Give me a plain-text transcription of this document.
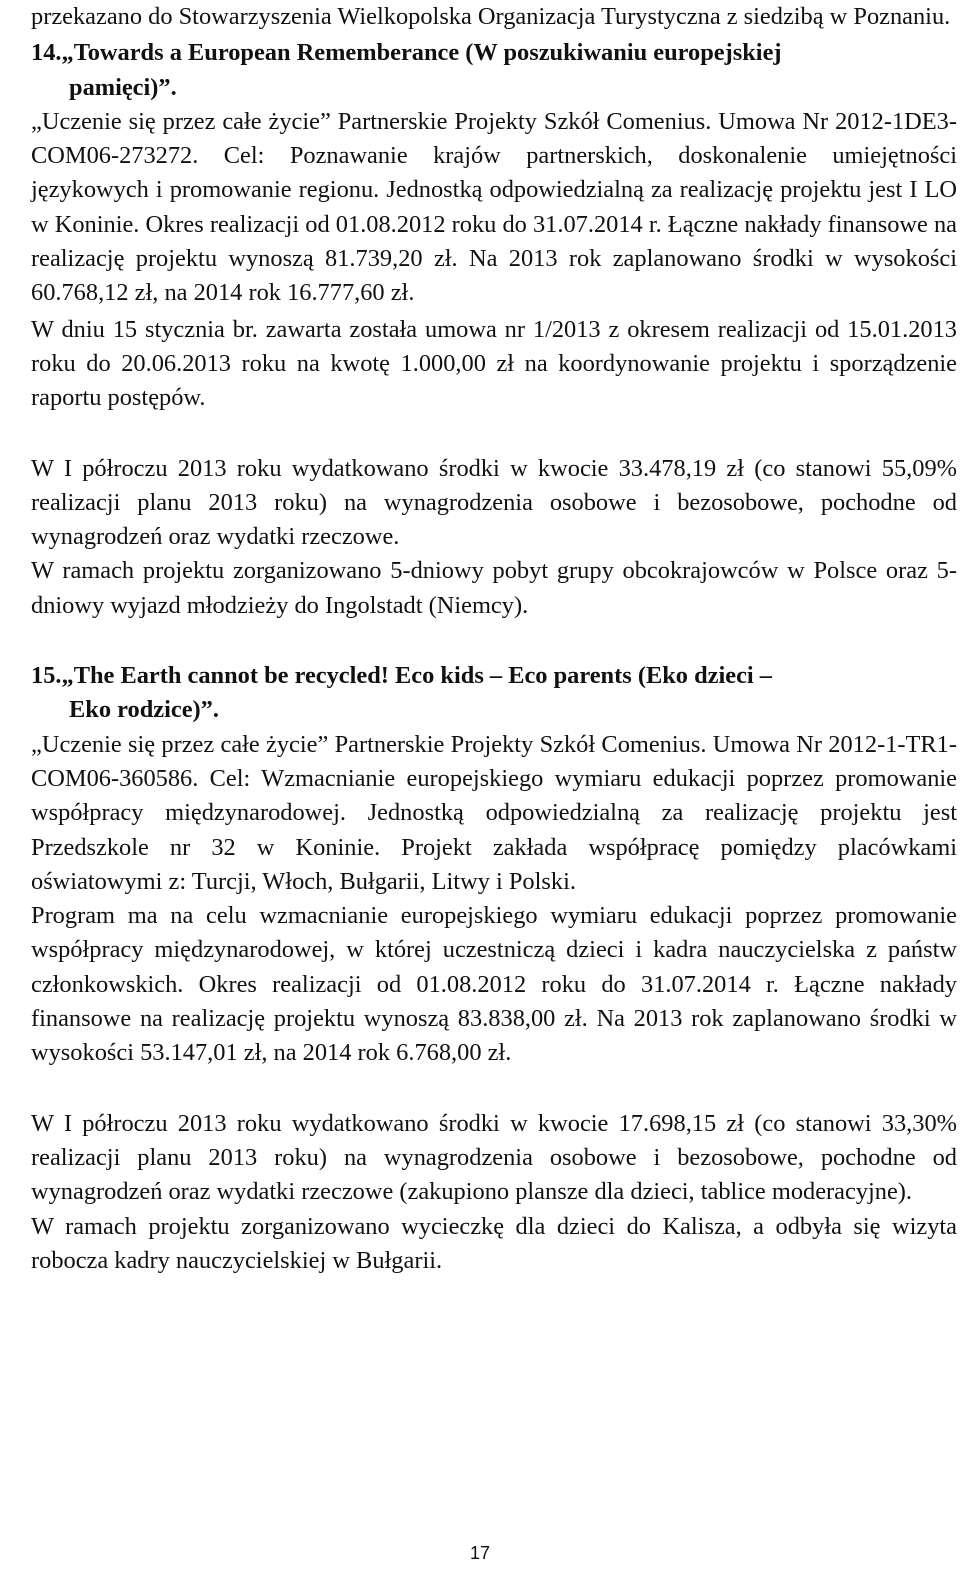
przekazano do Stowarzyszenia Wielkopolska Organizacja Turystyczna z siedzibą w Poznaniu.

14.„Towards a European Rememberance (W poszukiwaniu europejskiej
pamięci)”.

„Uczenie się przez całe życie” Partnerskie Projekty Szkół Comenius. Umowa Nr 2012-1DE3-COM06-273272. Cel: Poznawanie krajów partnerskich, doskonalenie umiejętności językowych i promowanie regionu. Jednostką odpowiedzialną za realizację projektu jest I LO w Koninie. Okres realizacji od 01.08.2012 roku do 31.07.2014 r. Łączne nakłady finansowe na realizację projektu wynoszą 81.739,20 zł. Na 2013 rok zaplanowano środki w wysokości 60.768,12 zł, na 2014 rok 16.777,60 zł.

W dniu 15 stycznia br. zawarta została umowa nr 1/2013 z okresem realizacji od 15.01.2013 roku do 20.06.2013 roku na kwotę 1.000,00 zł na koordynowanie projektu i sporządzenie raportu postępów.

W I półroczu 2013 roku wydatkowano środki w kwocie 33.478,19 zł (co stanowi 55,09% realizacji planu 2013 roku) na wynagrodzenia osobowe i bezosobowe, pochodne od wynagrodzeń oraz wydatki rzeczowe.

W ramach projektu zorganizowano 5-dniowy pobyt grupy obcokrajowców w Polsce oraz 5-dniowy wyjazd młodzieży do Ingolstadt (Niemcy).

15.„The Earth cannot be recycled! Eco kids – Eco parents (Eko dzieci –
Eko rodzice)”.

„Uczenie się przez całe życie” Partnerskie Projekty Szkół Comenius. Umowa Nr 2012-1-TR1-COM06-360586. Cel: Wzmacnianie europejskiego wymiaru edukacji poprzez promowanie współpracy międzynarodowej. Jednostką odpowiedzialną za realizację projektu jest Przedszkole nr 32 w Koninie. Projekt zakłada współpracę pomiędzy placówkami oświatowymi z: Turcji, Włoch, Bułgarii, Litwy i Polski.

Program ma na celu wzmacnianie europejskiego wymiaru edukacji poprzez promowanie współpracy międzynarodowej, w której uczestniczą dzieci i kadra nauczycielska z państw członkowskich. Okres realizacji od 01.08.2012 roku do 31.07.2014 r. Łączne nakłady finansowe na realizację projektu wynoszą 83.838,00 zł. Na 2013 rok zaplanowano środki w wysokości 53.147,01 zł, na 2014 rok 6.768,00 zł.

W I półroczu 2013 roku wydatkowano środki w kwocie 17.698,15 zł (co stanowi 33,30% realizacji planu 2013 roku) na wynagrodzenia osobowe i bezosobowe, pochodne od wynagrodzeń oraz wydatki rzeczowe (zakupiono plansze dla dzieci, tablice moderacyjne).

W ramach projektu zorganizowano wycieczkę dla dzieci do Kalisza, a odbyła się wizyta robocza kadry nauczycielskiej w Bułgarii.

17
